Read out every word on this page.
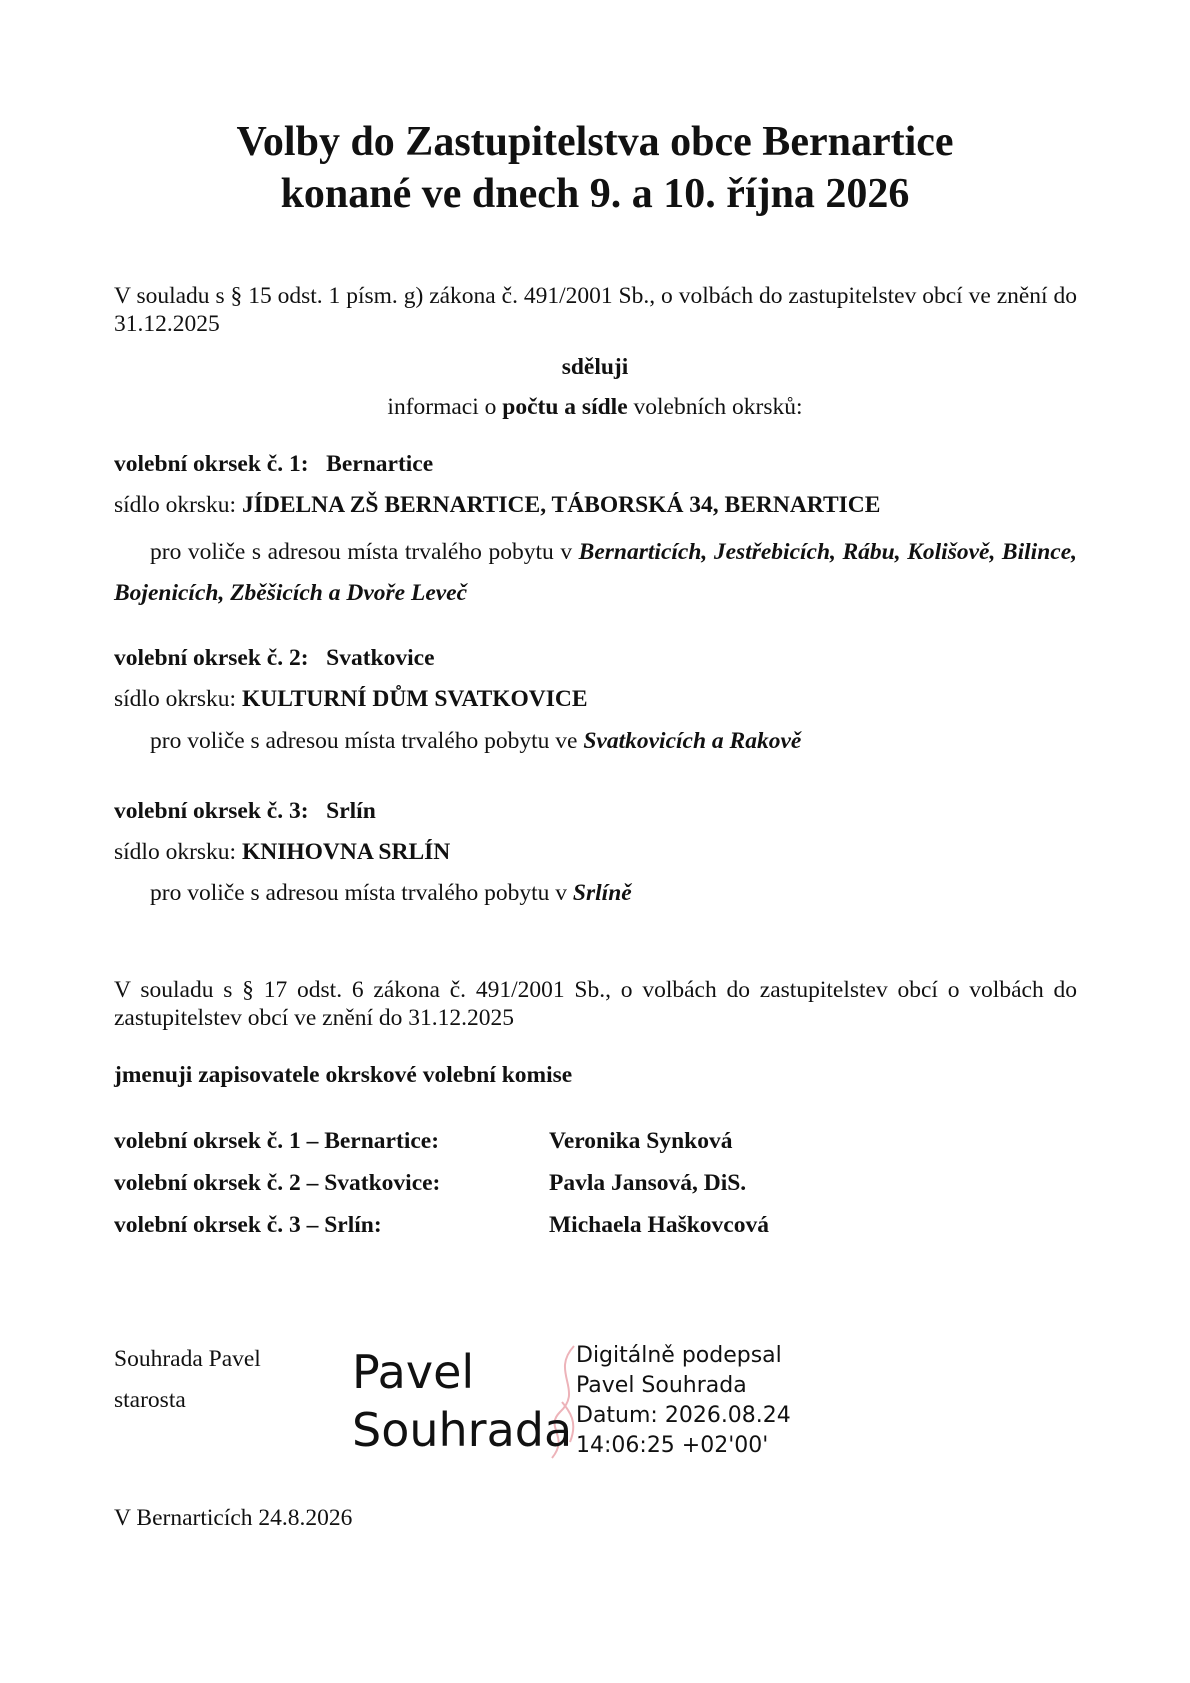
Volby do Zastupitelstva obce Bernartice
konané ve dnech 9. a 10. října 2026
V souladu s § 15 odst. 1 písm. g) zákona č. 491/2001 Sb., o volbách do zastupitelstev obcí ve znění do 31.12.2025
sděluji
informaci o počtu a sídle volebních okrsků:
volební okrsek č. 1: Bernartice
sídlo okrsku: JÍDELNA ZŠ BERNARTICE, TÁBORSKÁ 34, BERNARTICE
pro voliče s adresou místa trvalého pobytu v Bernarticích, Jestřebicích, Rábu, Kolišově, Bilince, Bojenicích, Zběšicích a Dvoře Leveč
volební okrsek č. 2: Svatkovice
sídlo okrsku: KULTURNÍ DŮM SVATKOVICE
pro voliče s adresou místa trvalého pobytu ve Svatkovicích a Rakově
volební okrsek č. 3: Srlín
sídlo okrsku: KNIHOVNA SRLÍN
pro voliče s adresou místa trvalého pobytu v Srlíně
V souladu s § 17 odst. 6 zákona č. 491/2001 Sb., o volbách do zastupitelstev obcí o volbách do zastupitelstev obcí ve znění do 31.12.2025
jmenuji zapisovatele okrskové volební komise
volební okrsek č. 1 – Bernartice:	Veronika Synková
volební okrsek č. 2 – Svatkovice:	Pavla Jansová, DiS.
volební okrsek č. 3 – Srlín:	Michaela Haškovcová
Souhrada Pavel
starosta
Pavel
Souhrada
Digitálně podepsal
Pavel Souhrada
Datum: 2026.08.24
14:06:25 +02'00'
V Bernarticích 24.8.2026
